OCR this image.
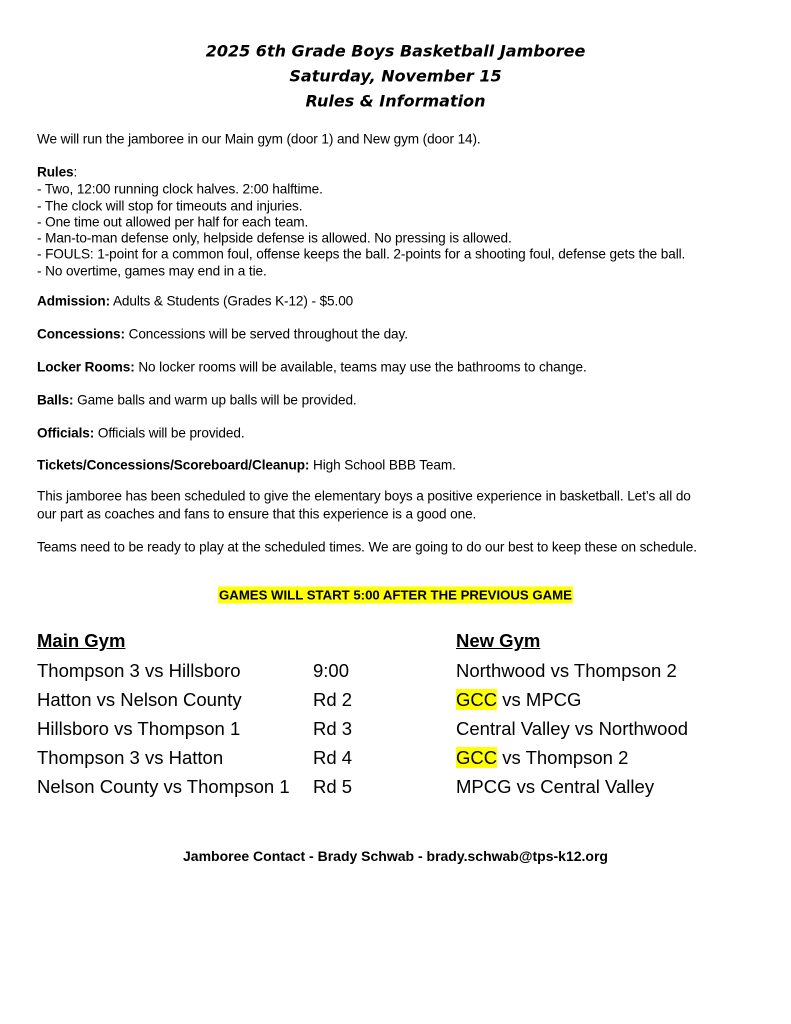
2025 6th Grade Boys Basketball Jamboree
Saturday, November 15
Rules & Information
We will run the jamboree in our Main gym (door 1) and New gym (door 14).
Rules:
- Two, 12:00 running clock halves. 2:00 halftime.
- The clock will stop for timeouts and injuries.
- One time out allowed per half for each team.
- Man-to-man defense only, helpside defense is allowed. No pressing is allowed.
- FOULS: 1-point for a common foul, offense keeps the ball. 2-points for a shooting foul, defense gets the ball.
- No overtime, games may end in a tie.
Admission: Adults & Students (Grades K-12) - $5.00
Concessions: Concessions will be served throughout the day.
Locker Rooms: No locker rooms will be available, teams may use the bathrooms to change.
Balls: Game balls and warm up balls will be provided.
Officials: Officials will be provided.
Tickets/Concessions/Scoreboard/Cleanup: High School BBB Team.
This jamboree has been scheduled to give the elementary boys a positive experience in basketball. Let’s all do
our part as coaches and fans to ensure that this experience is a good one.
Teams need to be ready to play at the scheduled times. We are going to do our best to keep these on schedule.
GAMES WILL START 5:00 AFTER THE PREVIOUS GAME
Main Gym	New Gym
Thompson 3 vs Hillsboro	9:00	Northwood vs Thompson 2
Hatton vs Nelson County	Rd 2	GCC vs MPCG
Hillsboro vs Thompson 1	Rd 3	Central Valley vs Northwood
Thompson 3 vs Hatton	Rd 4	GCC vs Thompson 2
Nelson County vs Thompson 1 Rd 5	MPCG vs Central Valley
Jamboree Contact - Brady Schwab - brady.schwab@tps-k12.org
